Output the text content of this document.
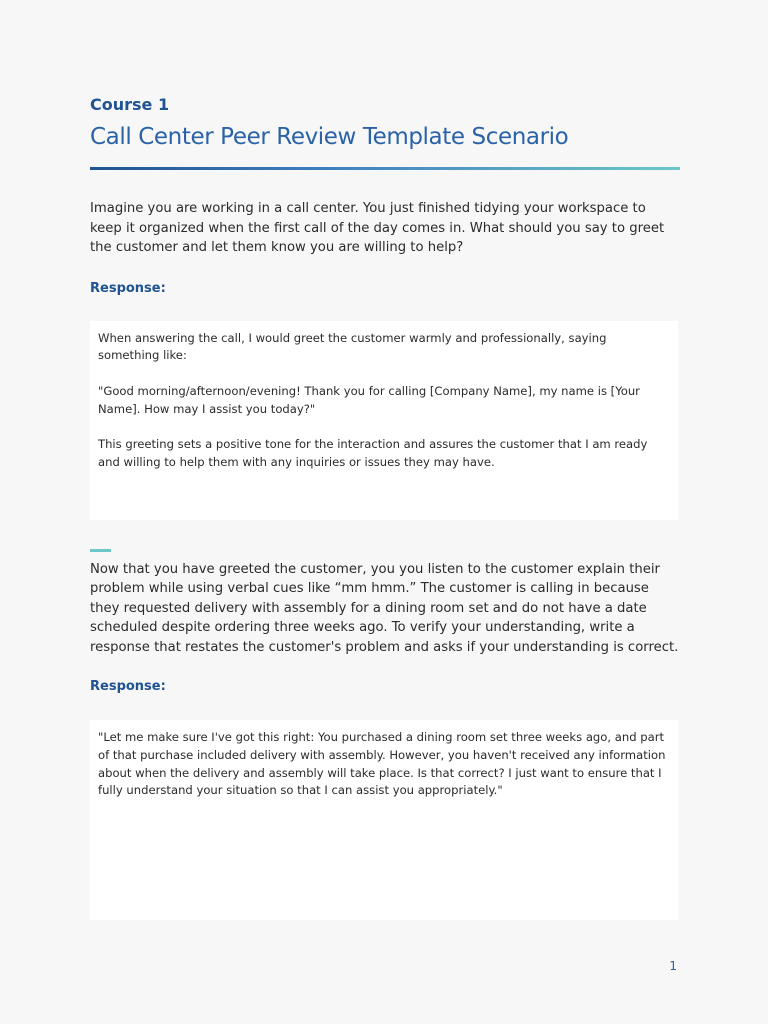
Course 1

Call Center Peer Review Template Scenario

Imagine you are working in a call center. You just finished tidying your workspace to keep it organized when the first call of the day comes in. What should you say to greet the customer and let them know you are willing to help?

Response:

When answering the call, I would greet the customer warmly and professionally, saying something like:

"Good morning/afternoon/evening! Thank you for calling [Company Name], my name is [Your Name]. How may I assist you today?"

This greeting sets a positive tone for the interaction and assures the customer that I am ready and willing to help them with any inquiries or issues they may have.

Now that you have greeted the customer, you you listen to the customer explain their problem while using verbal cues like “mm hmm.” The customer is calling in because they requested delivery with assembly for a dining room set and do not have a date scheduled despite ordering three weeks ago. To verify your understanding, write a response that restates the customer's problem and asks if your understanding is correct.

Response:

"Let me make sure I've got this right: You purchased a dining room set three weeks ago, and part of that purchase included delivery with assembly. However, you haven't received any information about when the delivery and assembly will take place. Is that correct? I just want to ensure that I fully understand your situation so that I can assist you appropriately."

1
